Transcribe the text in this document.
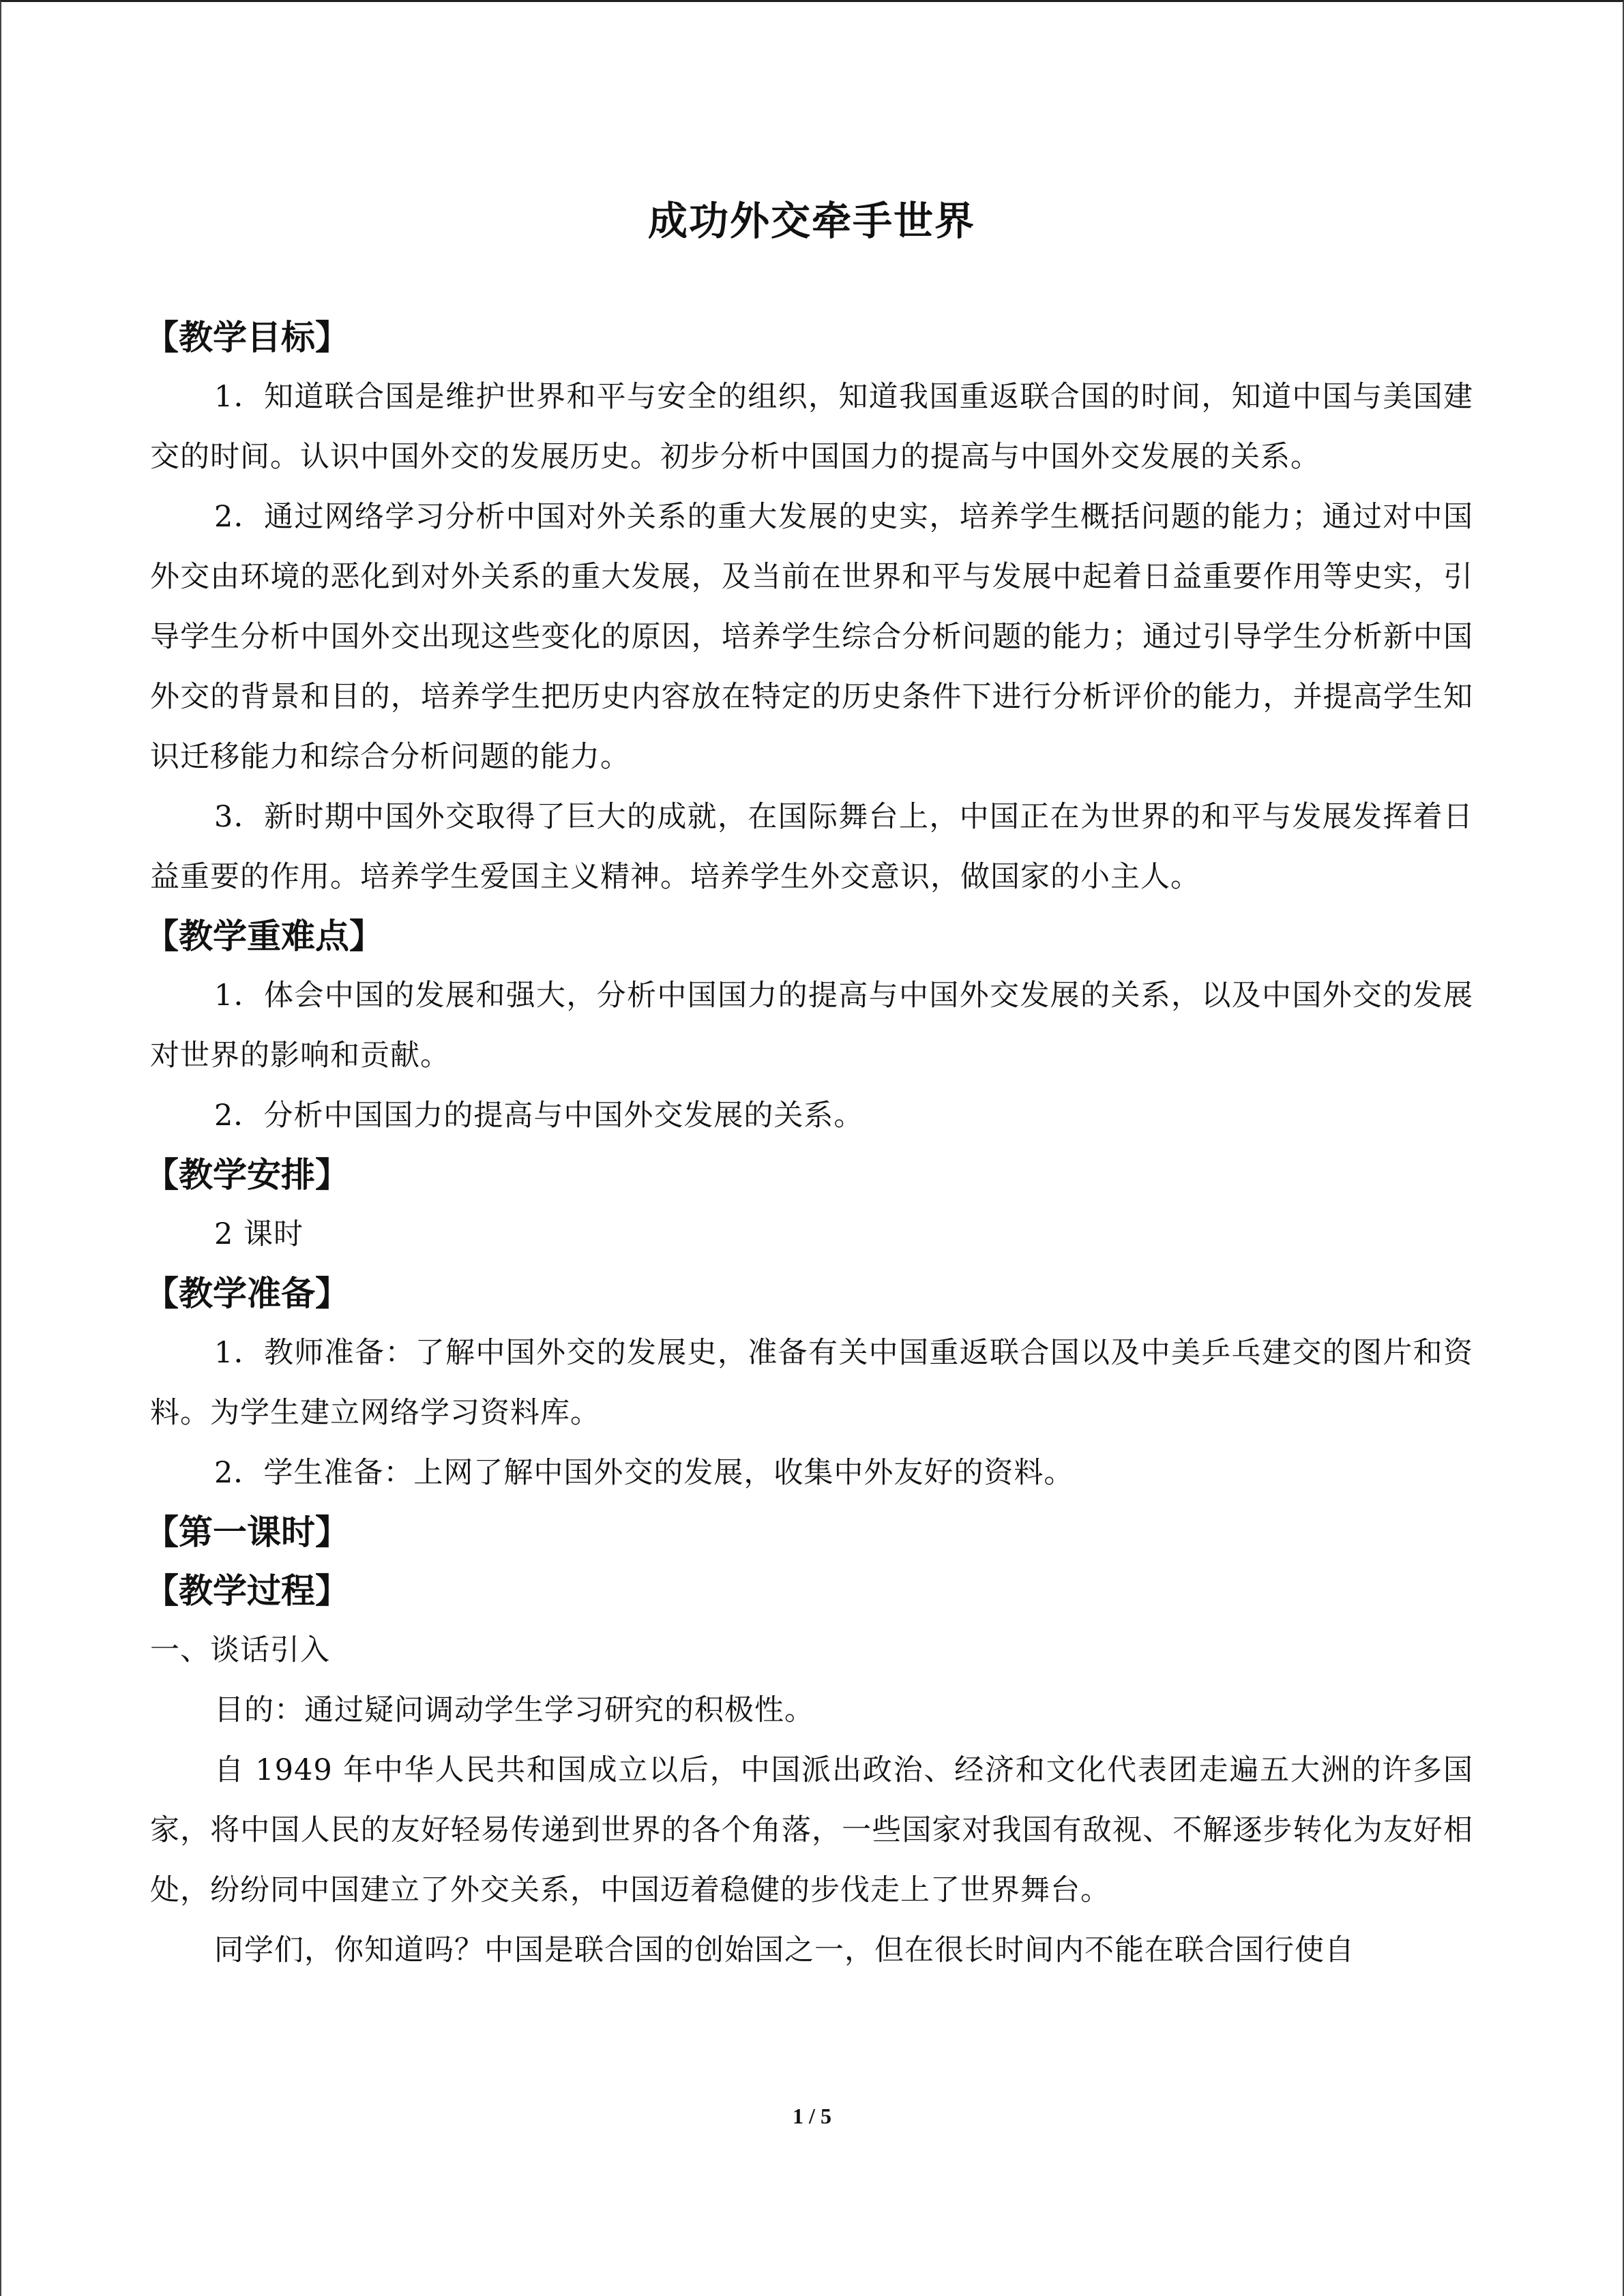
成功外交牵手世界
【教学目标】

1．知道联合国是维护世界和平与安全的组织，知道我国重返联合国的时间，知道中国与美国建交的时间。认识中国外交的发展历史。初步分析中国国力的提高与中国外交发展的关系。

2．通过网络学习分析中国对外关系的重大发展的史实，培养学生概括问题的能力；通过对中国外交由环境的恶化到对外关系的重大发展，及当前在世界和平与发展中起着日益重要作用等史实，引导学生分析中国外交出现这些变化的原因，培养学生综合分析问题的能力；通过引导学生分析新中国外交的背景和目的，培养学生把历史内容放在特定的历史条件下进行分析评价的能力，并提高学生知识迁移能力和综合分析问题的能力。

3．新时期中国外交取得了巨大的成就，在国际舞台上，中国正在为世界的和平与发展发挥着日益重要的作用。培养学生爱国主义精神。培养学生外交意识，做国家的小主人。

【教学重难点】

1．体会中国的发展和强大，分析中国国力的提高与中国外交发展的关系，以及中国外交的发展对世界的影响和贡献。

2．分析中国国力的提高与中国外交发展的关系。

【教学安排】

2 课时

【教学准备】

1．教师准备：了解中国外交的发展史，准备有关中国重返联合国以及中美乒乓建交的图片和资料。为学生建立网络学习资料库。

2．学生准备：上网了解中国外交的发展，收集中外友好的资料。

【第一课时】
【教学过程】

一、谈话引入

目的：通过疑问调动学生学习研究的积极性。

自 1949 年中华人民共和国成立以后，中国派出政治、经济和文化代表团走遍五大洲的许多国家，将中国人民的友好轻易传递到世界的各个角落，一些国家对我国有敌视、不解逐步转化为友好相处，纷纷同中国建立了外交关系，中国迈着稳健的步伐走上了世界舞台。

同学们，你知道吗？中国是联合国的创始国之一，但在很长时间内不能在联合国行使自

1 / 5
